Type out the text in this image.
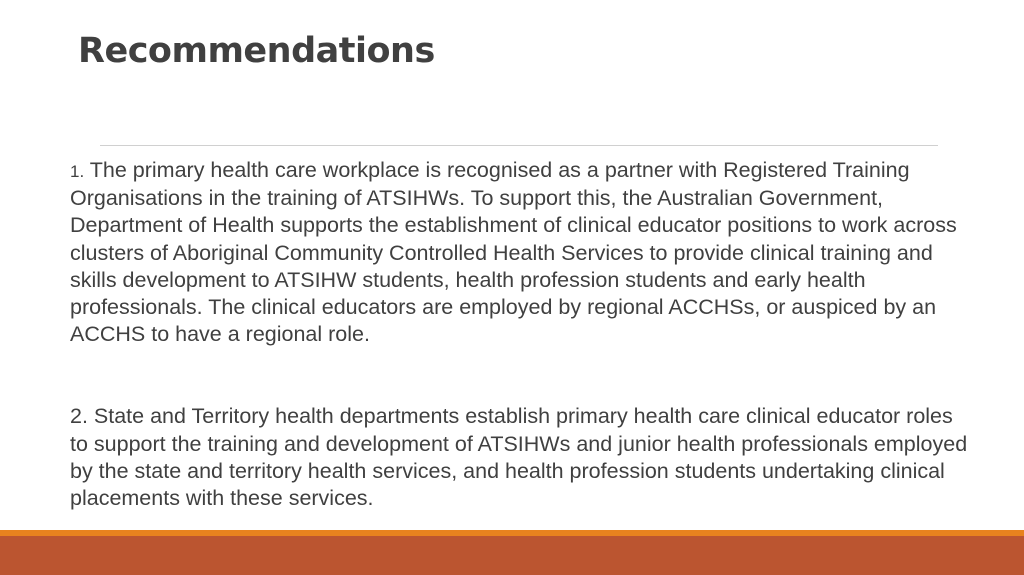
Recommendations

1. The primary health care workplace is recognised as a partner with Registered Training Organisations in the training of ATSIHWs. To support this, the Australian Government, Department of Health supports the establishment of clinical educator positions to work across clusters of Aboriginal Community Controlled Health Services to provide clinical training and skills development to ATSIHW students, health profession students and early health professionals. The clinical educators are employed by regional ACCHSs, or auspiced by an ACCHS to have a regional role.

2. State and Territory health departments establish primary health care clinical educator roles to support the training and development of ATSIHWs and junior health professionals employed by the state and territory health services, and health profession students undertaking clinical placements with these services.
